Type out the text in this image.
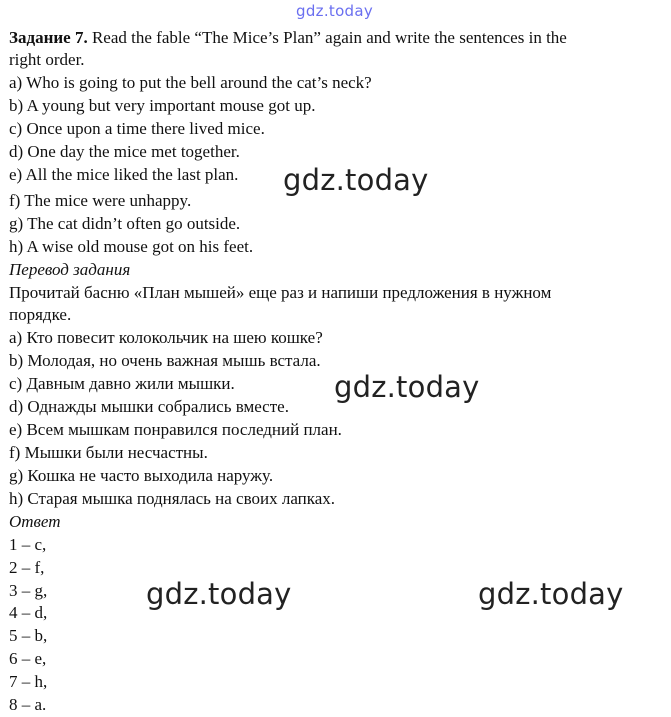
gdz.today
Задание 7. Read the fable “The Mice’s Plan” again and write the sentences in the
right order.
a) Who is going to put the bell around the cat’s neck?
b) A young but very important mouse got up.
c) Once upon a time there lived mice.
d) One day the mice met together.
e) All the mice liked the last plan.
f) The mice were unhappy.
g) The cat didn’t often go outside.
h) A wise old mouse got on his feet.
Перевод задания
Прочитай басню «План мышей» еще раз и напиши предложения в нужном
порядке.
a) Кто повесит колокольчик на шею кошке?
b) Молодая, но очень важная мышь встала.
c) Давным давно жили мышки.
d) Однажды мышки собрались вместе.
e) Всем мышкам понравился последний план.
f) Мышки были несчастны.
g) Кошка не часто выходила наружу.
h) Старая мышка поднялась на своих лапках.
Ответ
1 – c,
2 – f,
3 – g,
4 – d,
5 – b,
6 – e,
7 – h,
8 – a.
gdz.today
gdz.today
gdz.today	gdz.today
